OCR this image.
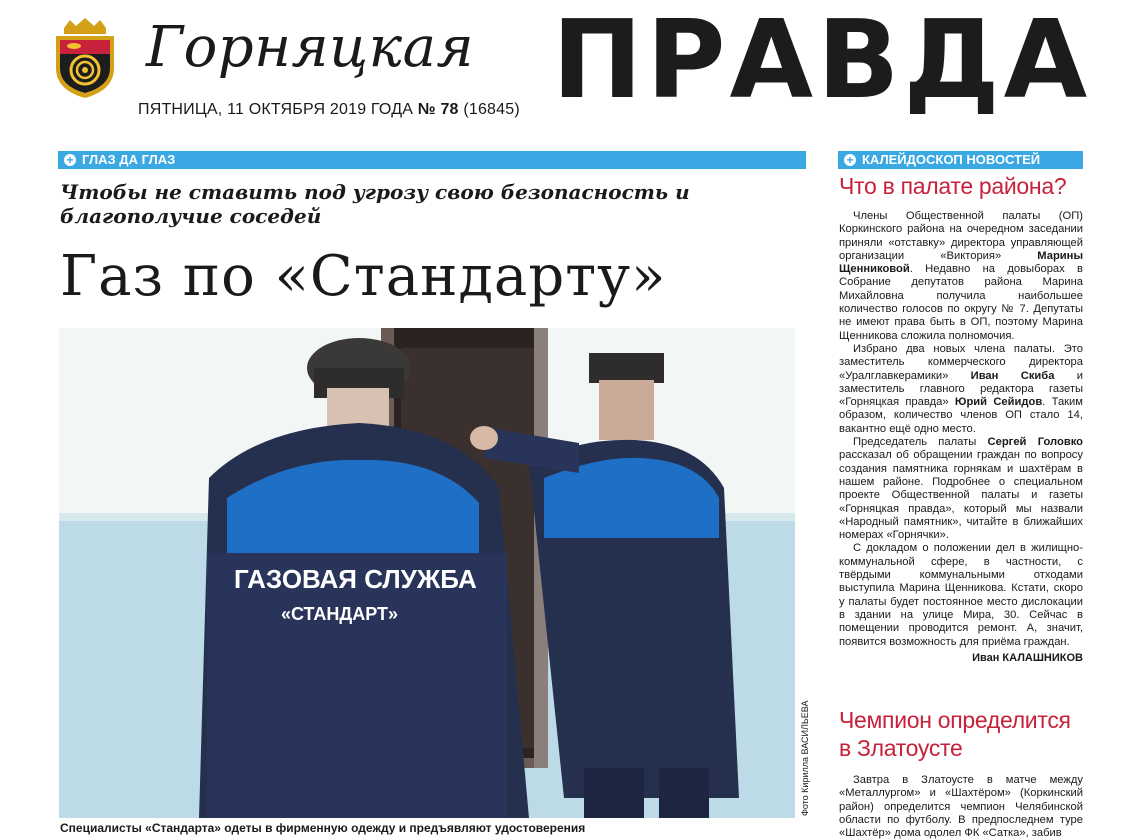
Горняцкая
ПЯТНИЦА, 11 ОКТЯБРЯ 2019 ГОДА № 78 (16845) ПРАВДА
+ ГЛАЗ ДА ГЛАЗ	+ КАЛЕЙДОСКОП НОВОСТЕЙ
Чтобы не ставить под угрозу свою безопасность и благополучие соседей
Газ по «Стандарту»
ГАЗОВАЯ СЛУЖБА
«СТАНДАРТ»
Фото Кирилла ВАСИЛЬЕВА
Специалисты «Стандарта» одеты в фирменную одежду и предъявляют удостоверения
Что в палате района?

Члены Общественной палаты (ОП) Коркинского района на очередном заседании приняли «отставку» директора управляющей организации «Виктория» Марины Щенниковой. Недавно на довыборах в Собрание депутатов района Марина Михайловна получила наибольшее количество голосов по округу № 7. Депутаты не имеют права быть в ОП, поэтому Марина Щенникова сложила полномочия.

Избрано два новых члена палаты. Это заместитель коммерческого директора «Уралглавкерамики» Иван Скиба и заместитель главного редактора газеты «Горняцкая правда» Юрий Сейидов. Таким образом, количество членов ОП стало 14, вакантно ещё одно место.

Председатель палаты Сергей Головко рассказал об обращении граждан по вопросу создания памятника горнякам и шахтёрам в нашем районе. Подробнее о специальном проекте Общественной палаты и газеты «Горняцкая правда», который мы назвали «Народный памятник», читайте в ближайших номерах «Горнячки».

С докладом о положении дел в жилищно-коммунальной сфере, в частности, с твёрдыми коммунальными отходами выступила Марина Щенникова. Кстати, скоро у палаты будет постоянное место дислокации в здании на улице Мира, 30. Сейчас в помещении проводится ремонт. А, значит, появится возможность для приёма граждан.

Иван КАЛАШНИКОВ
Чемпион определится в Златоусте

Завтра в Златоусте в матче между «Металлургом» и «Шахтёром» (Коркинский район) определится чемпион Челябинской области по футболу. В предпоследнем туре «Шахтёр» дома одолел ФК «Сатка», забив
